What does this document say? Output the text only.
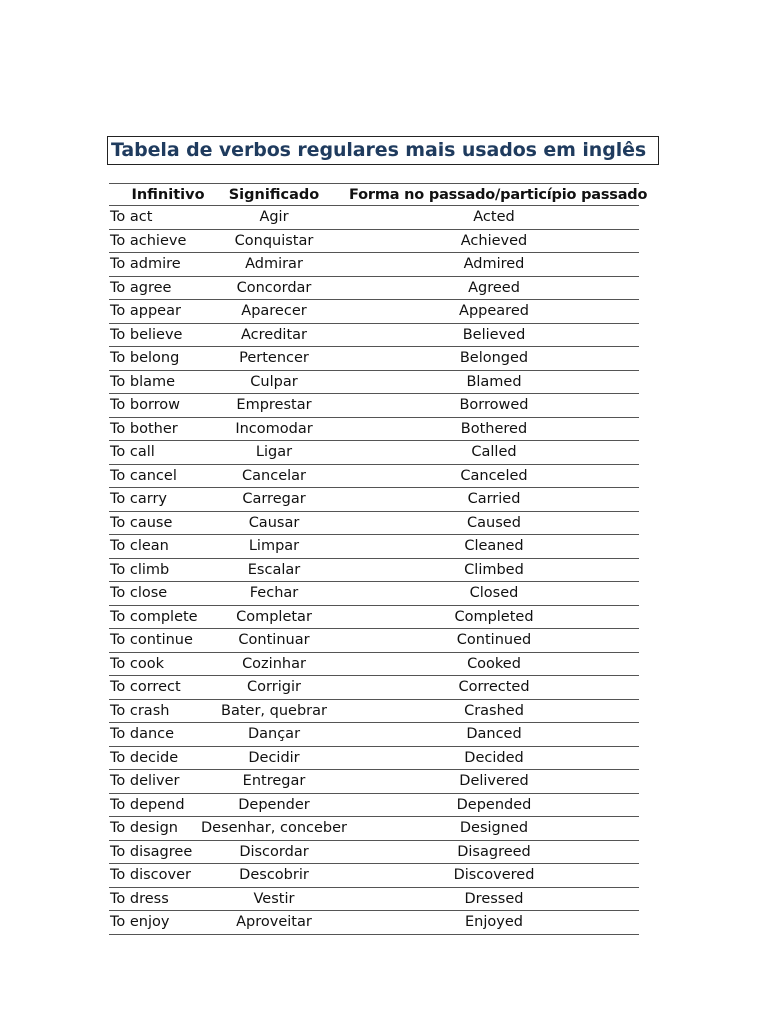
Tabela de verbos regulares mais usados em inglês
Infinitivo	Significado	Forma no passado/particípio passado
To act	Agir	Acted
To achieve	Conquistar	Achieved
To admire	Admirar	Admired
To agree	Concordar	Agreed
To appear	Aparecer	Appeared
To believe	Acreditar	Believed
To belong	Pertencer	Belonged
To blame	Culpar	Blamed
To borrow	Emprestar	Borrowed
To bother	Incomodar	Bothered
To call	Ligar	Called
To cancel	Cancelar	Canceled
To carry	Carregar	Carried
To cause	Causar	Caused
To clean	Limpar	Cleaned
To climb	Escalar	Climbed
To close	Fechar	Closed
To complete	Completar	Completed
To continue	Continuar	Continued
To cook	Cozinhar	Cooked
To correct	Corrigir	Corrected
To crash	Bater, quebrar	Crashed
To dance	Dançar	Danced
To decide	Decidir	Decided
To deliver	Entregar	Delivered
To depend	Depender	Depended
To design	Desenhar, conceber	Designed
To disagree	Discordar	Disagreed
To discover	Descobrir	Discovered
To dress	Vestir	Dressed
To enjoy	Aproveitar	Enjoyed
